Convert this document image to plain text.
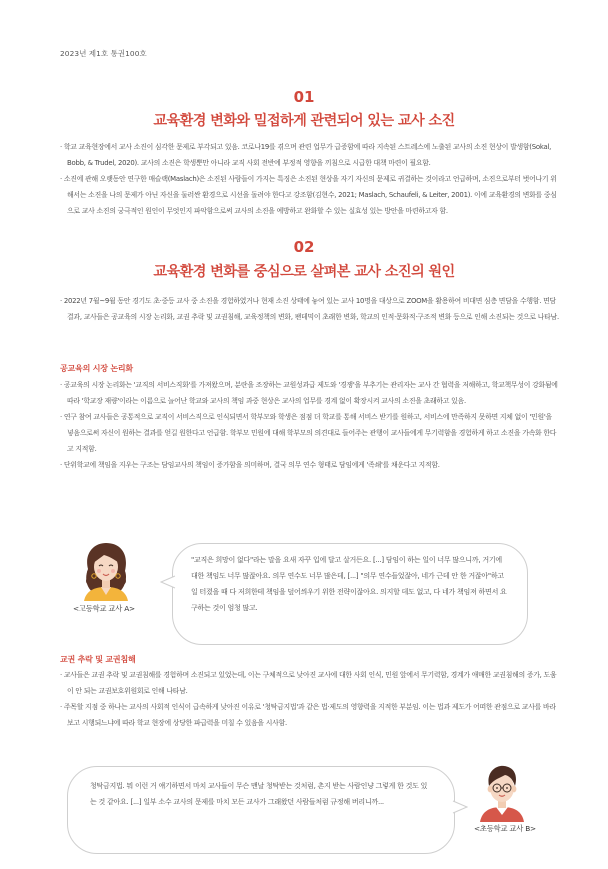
2023년 제1호 통권100호
01
교육환경 변화와 밀접하게 관련되어 있는 교사 소진
· 학교 교육현장에서 교사 소진이 심각한 문제로 부각되고 있음. 코로나19를 겪으며 관련 업무가 급증함에 따라 지속된 스트레스에 노출된 교사의 소진 현상이 발생함(Sokal, Bobb, & Trudel, 2020). 교사의 소진은 학생뿐만 아니라 교직 사회 전반에 부정적 영향을 끼침으로 시급한 대책 마련이 필요함.
· 소진에 관해 오랫동안 연구한 매슬랙(Maslach)은 소진된 사람들이 가지는 특징은 소진된 현상을 자기 자신의 문제로 귀결하는 것이라고 언급하며, 소진으로부터 벗어나기 위해서는 소진을 나의 문제가 아닌 자신을 둘러싼 환경으로 시선을 돌려야 한다고 강조함(김현수, 2021; Maslach, Schaufeli, & Leiter, 2001). 이에 교육환경의 변화를 중심으로 교사 소진의 궁극적인 원인이 무엇인지 파악함으로써 교사의 소진을 예방하고 완화할 수 있는 실효성 있는 방안을 마련하고자 함.
02
교육환경 변화를 중심으로 살펴본 교사 소진의 원인
· 2022년 7월~9월 동안 경기도 초·중등 교사 중 소진을 경험하였거나 현재 소진 상태에 놓여 있는 교사 10명을 대상으로 ZOOM을 활용하여 비대면 심층 면담을 수행함. 면담 결과, 교사들은 공교육의 시장 논리화, 교권 추락 및 교권침해, 교육정책의 변화, 팬데믹이 초래한 변화, 학교의 인적·문화적·구조적 변화 등으로 인해 소진되는 것으로 나타남.
공교육의 시장 논리화
· 공교육의 시장 논리화는 '교직의 서비스직화'를 가져왔으며, 분란을 조장하는 교원성과급 제도와 '경쟁'을 부추기는 관리자는 교사 간 협력을 저해하고, 학교책무성이 강화됨에 따라 '학교장 재량'이라는 이름으로 늘어난 학교와 교사의 책임 과중 현상은 교사의 업무를 경계 없이 확장시켜 교사의 소진을 초래하고 있음.
· 연구 참여 교사들은 공통적으로 교직이 서비스직으로 인식되면서 학부모와 학생은 점점 더 학교를 통해 서비스 받기를 원하고, 서비스에 만족하지 못하면 지체 없이 '민원'을 넣음으로써 자신이 원하는 결과를 얻길 원한다고 언급함. 학부모 민원에 대해 학부모의 의견대로 들어주는 관행이 교사들에게 무기력함을 경험하게 하고 소진을 가속화 한다고 지적함.
· 단위학교에 책임을 지우는 구조는 담임교사의 책임이 증가함을 의미하며, 결국 의무 연수 형태로 담임에게 '족쇄'를 채운다고 지적함.
<고등학교 교사 A>
"교직은 희망이 없다"라는 말을 요새 자꾸 입에 달고 살거든요. [...] 담임이 하는 일이 너무 많으니까, 거기에 대한 책임도 너무 많잖아요. 의무 연수도 너무 많은데, [...] "의무 연수들었잖아, 네가 근데 안 한 거잖아"하고 일 터졌을 때 다 저희한테 책임을 덮어씌우기 위한 전략이잖아요. 의지할 데도 없고, 다 네가 책임져 하면서 요구하는 것이 엄청 많고.
교권 추락 및 교권침해
· 교사들은 교권 추락 및 교권침해를 경험하며 소진되고 있었는데, 이는 구체적으로 낮아진 교사에 대한 사회 인식, 민원 앞에서 무기력함, 경계가 애매한 교권침해의 증가, 도움이 안 되는 교권보호위원회로 인해 나타남.
· 주목할 지점 중 하나는 교사의 사회적 인식이 급속하게 낮아진 이유로 '청탁금지법'과 같은 법·제도의 영향력을 지적한 부분임. 이는 법과 제도가 어떠한 관점으로 교사를 바라보고 시행되느냐에 따라 학교 현장에 상당한 파급력을 미칠 수 있음을 시사함.
청탁금지법. 뭐 이런 거 얘기하면서 마치 교사들이 무슨 맨날 청탁받는 것처럼, 촌지 받는 사람인냥 그렇게 한 것도 있는 것 같아요. [...] 일부 소수 교사의 문제를 마치 모든 교사가 그래왔던 사람들처럼 규정해 버리니까...
<초등학교 교사 B>
